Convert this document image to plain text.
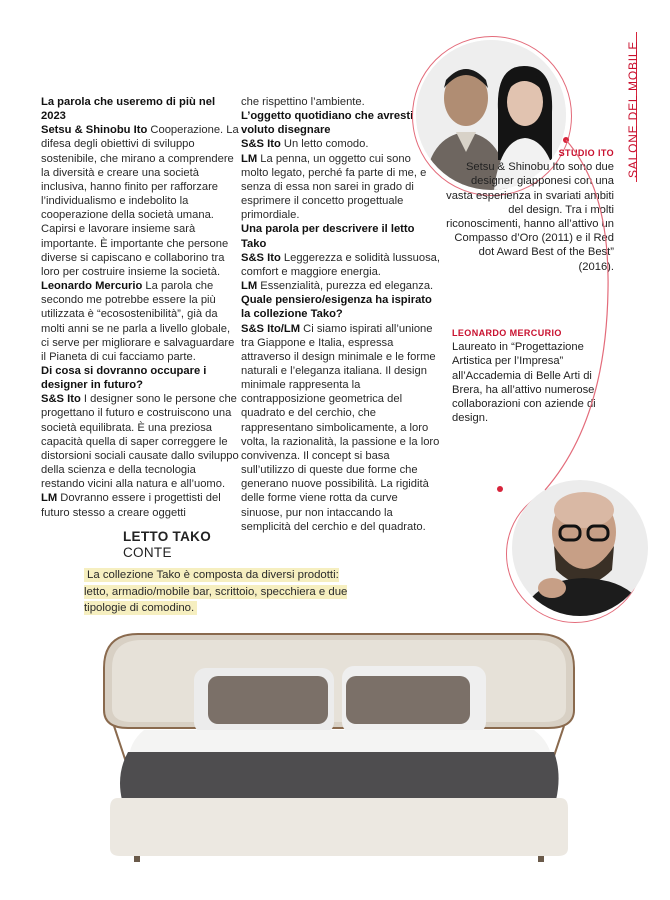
SALONE DEL MOBILE

La parola che useremo di più nel 2023

Setsu & Shinobu Ito Cooperazione. La difesa degli obiettivi di sviluppo sostenibile, che mirano a comprendere la diversità e creare una società inclusiva, hanno finito per rafforzare l’individualismo e indebolito la cooperazione della società umana. Capirsi e lavorare insieme sarà importante. È importante che persone diverse si capiscano e collaborino tra loro per costruire insieme la società.

Leonardo Mercurio La parola che secondo me potrebbe essere la più utilizzata è “ecosostenibilità”, già da molti anni se ne parla a livello globale, ci serve per migliorare e salvaguardare il Pianeta di cui facciamo parte.

Di cosa si dovranno occupare i designer in futuro?

S&S Ito I designer sono le persone che progettano il futuro e costruiscono una società equilibrata. È una preziosa capacità quella di saper correggere le distorsioni sociali causate dallo sviluppo della scienza e della tecnologia restando vicini alla natura e all’uomo.

LM Dovranno essere i progettisti del futuro stesso a creare oggetti

che rispettino l’ambiente.

L’oggetto quotidiano che avresti voluto disegnare

S&S Ito Un letto comodo.

LM La penna, un oggetto cui sono molto legato, perché fa parte di me, e senza di essa non sarei in grado di esprimere il concetto progettuale primordiale.

Una parola per descrivere il letto Tako

S&S Ito Leggerezza e solidità lussuosa, comfort e maggiore energia.

LM Essenzialità, purezza ed eleganza.

Quale pensiero/esigenza ha ispirato la collezione Tako?

S&S Ito/LM Ci siamo ispirati all’unione tra Giappone e Italia, espressa attraverso il design minimale e le forme naturali e l’eleganza italiana. Il design minimale rappresenta la contrapposizione geometrica del quadrato e del cerchio, che rappresentano simbolicamente, a loro volta, la razionalità, la passione e la loro convivenza. Il concept si basa sull’utilizzo di queste due forme che generano nuove possibilità. La rigidità delle forme viene rotta da curve sinuose, pur non intaccando la semplicità del cerchio e del quadrato.

STUDIO ITO
Setsu & Shinobu Ito sono due designer giapponesi con una vasta esperienza in svariati ambiti del design. Tra i molti riconoscimenti, hanno all’attivo un Compasso d’Oro (2011) e il Red dot Award Best of the Best” (2016).
LEONARDO MERCURIO
Laureato in “Progettazione Artistica per l’Impresa” all’Accademia di Belle Arti di Brera, ha all’attivo numerose collaborazioni con aziende di design.
LETTO TAKO
CONTE
La collezione Tako è composta da diversi prodotti: letto, armadio/mobile bar, scrittoio, specchiera e due tipologie di comodino.
